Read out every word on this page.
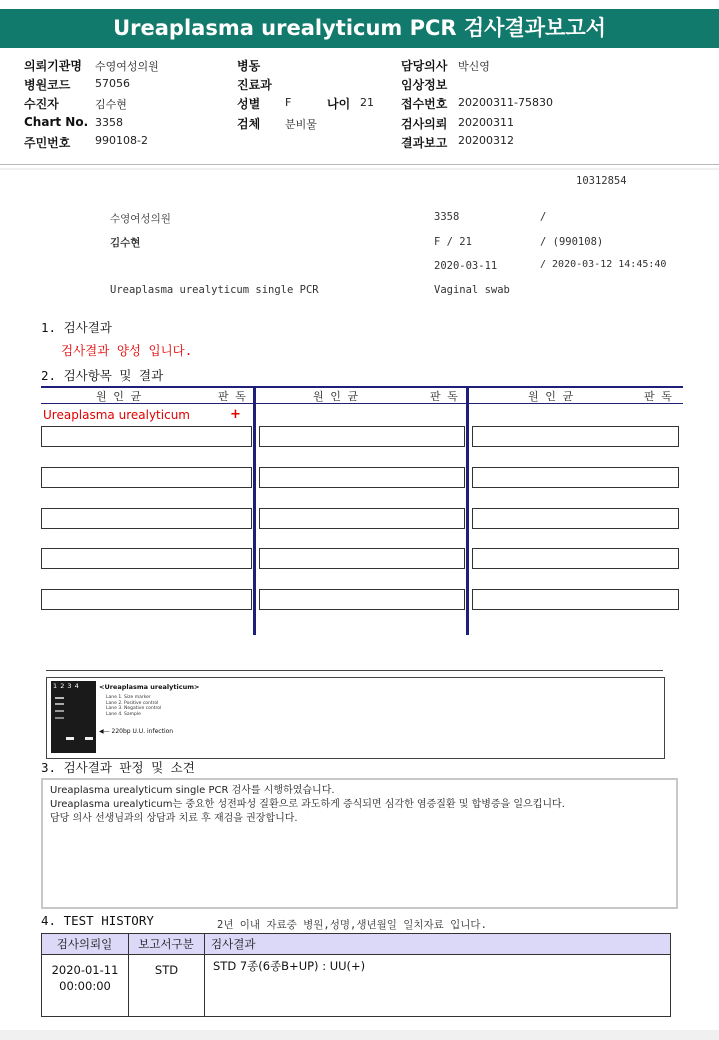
Ureaplasma urealyticum PCR 검사결과보고서
의뢰기관명 수영여성의원
병원코드 57056
수진자	김수현
Chart No. 3358
주민번호 990108-2
병동
진료과
성별 F	나이 21
검체 분비물
담당의사 박신영
임상정보
접수번호 20200311-75830
검사의뢰 20200311
결과보고 20200312
10312854
수영여성의원	3358	/
김수현	F / 21	/ (990108)
2020-03-11	/ 2020-03-12 14:45:40
Ureaplasma urealyticum single PCR	Vaginal swab
1. 검사결과
검사결과 양성 입니다.
2. 검사항목 및 결과
원 인 균	판 독	원 인 균	판 독	원 인 균	판 독
Ureaplasma urealyticum	+
1 2 3 4	<Ureaplasma urealyticum>
Lane 1. Size marker
Lane 2. Positive control
Lane 3. Negative control
Lane 4. Sample
◀— 220bp U.U. infection
3. 검사결과 판정 및 소견
Ureaplasma urealyticum single PCR 검사를 시행하였습니다.
Ureaplasma urealyticum는 중요한 성전파성 질환으로 과도하게 증식되면 심각한 염증질환 및 합병증을 일으킵니다.
담당 의사 선생님과의 상담과 치료 후 재검을 권장합니다.
4. TEST HISTORY	2년 이내 자료중 병원,성명,생년월일 일치자료 입니다.
검사의뢰일	보고서구분	검사결과

2020-01-11
00:00:00	STD	STD 7종(6종B+UP) : UU(+)
